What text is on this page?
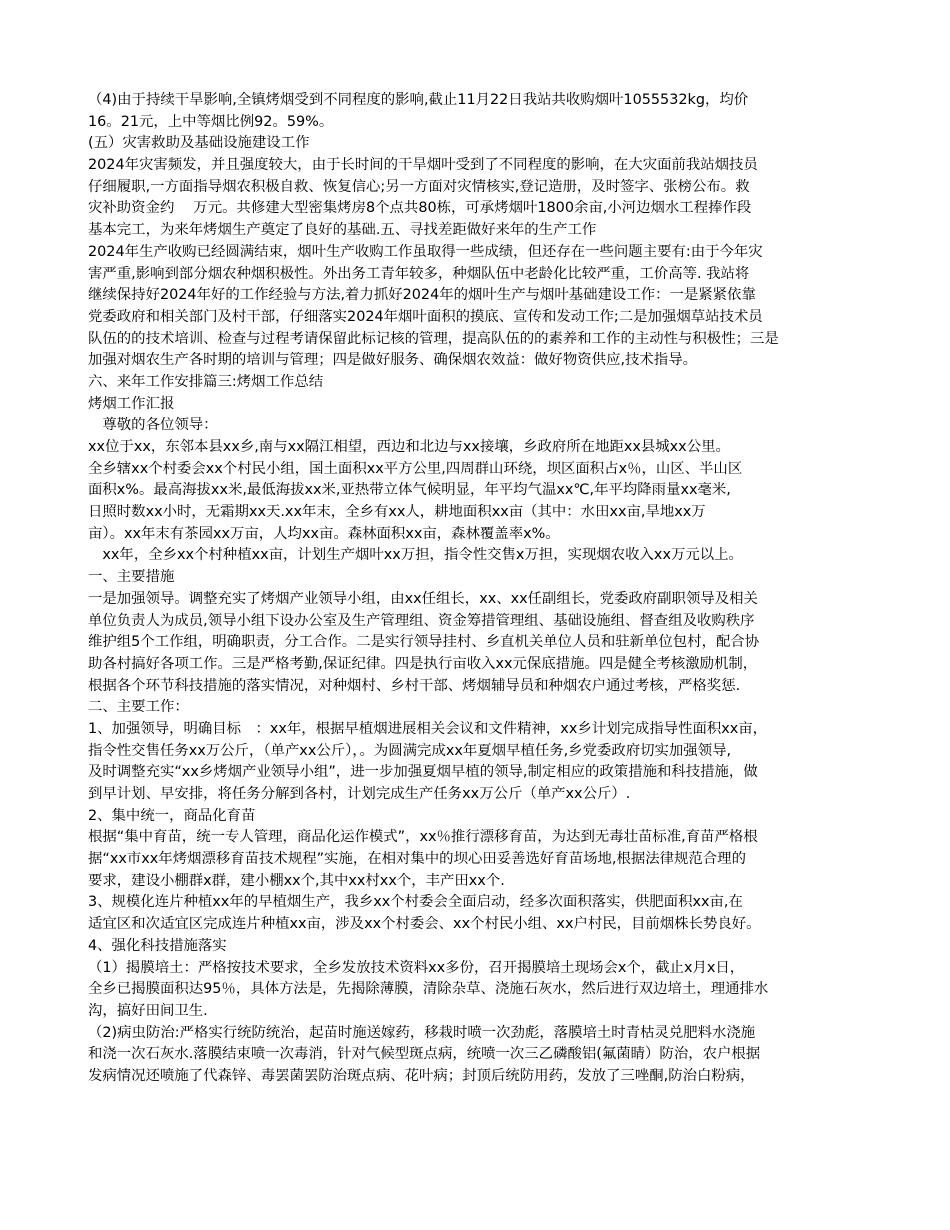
（4)由于持续干旱影响,全镇烤烟受到不同程度的影响,截止11月22日我站共收购烟叶1055532kg，均价
16。21元，上中等烟比例92。59%。
(五）灾害救助及基础设施建设工作
2024年灾害频发，并且强度较大，由于长时间的干旱烟叶受到了不同程度的影响，在大灾面前我站烟技员
仔细履职,一方面指导烟农积极自救、恢复信心;另一方面对灾情核实,登记造册，及时签字、张榜公布。救
灾补助资金约　 万元。共修建大型密集烤房8个点共80栋，可承烤烟叶1800余亩,小河边烟水工程捧作段
基本完工，为来年烤烟生产奠定了良好的基础.五、寻找差距做好来年的生产工作
2024年生产收购已经圆满结束，烟叶生产收购工作虽取得一些成绩，但还存在一些问题主要有:由于今年灾
害严重,影响到部分烟农种烟积极性。外出务工青年较多，种烟队伍中老龄化比较严重，工价高等. 我站将
继续保持好2024年好的工作经验与方法,着力抓好2024年的烟叶生产与烟叶基础建设工作：一是紧紧依靠
党委政府和相关部门及村干部，仔细落实2024年烟叶面积的摸底、宣传和发动工作;二是加强烟草站技术员
队伍的的技术培训、检查与过程考请保留此标记核的管理，提高队伍的的素养和工作的主动性与积极性；三是
加强对烟农生产各时期的培训与管理；四是做好服务、确保烟农效益：做好物资供应,技术指导。
六、来年工作安排篇三:烤烟工作总结
烤烟工作汇报
　尊敬的各位领导：
xx位于xx，东邻本县xx乡,南与xx隔江相望，西边和北边与xx接壤，乡政府所在地距xx县城xx公里。
全乡辖xx个村委会xx个村民小组，国土面积xx平方公里,四周群山环绕，坝区面积占x％，山区、半山区
面积x%。最高海拔xx米,最低海拔xx米,亚热带立体气候明显，年平均气温xx℃,年平均降雨量xx毫米,
日照时数xx小时，无霜期xx天.xx年末，全乡有xx人，耕地面积xx亩（其中：水田xx亩,旱地xx万
亩）。xx年末有茶园xx万亩，人均xx亩。森林面积xx亩，森林覆盖率x%。
　xx年，全乡xx个村种植xx亩，计划生产烟叶xx万担，指令性交售x万担，实现烟农收入xx万元以上。
一、主要措施
一是加强领导。调整充实了烤烟产业领导小组，由xx任组长，xx、xx任副组长，党委政府副职领导及相关
单位负责人为成员,领导小组下设办公室及生产管理组、资金筹措管理组、基础设施组、督查组及收购秩序
维护组5个工作组，明确职责，分工合作。二是实行领导挂村、乡直机关单位人员和驻新单位包村，配合协
助各村搞好各项工作。三是严格考勤,保证纪律。四是执行亩收入xx元保底措施。四是健全考核激励机制，
根据各个环节科技措施的落实情况，对种烟村、乡村干部、烤烟辅导员和种烟农户通过考核，严格奖惩.
二、主要工作：
1、加强领导，明确目标　：xx年，根据早植烟进展相关会议和文件精神，xx乡计划完成指导性面积xx亩，
指令性交售任务xx万公斤，（单产xx公斤），。为圆满完成xx年夏烟早植任务,乡党委政府切实加强领导,
及时调整充实“xx乡烤烟产业领导小组”，进一步加强夏烟早植的领导,制定相应的政策措施和科技措施，做
到早计划、早安排，将任务分解到各村，计划完成生产任务xx万公斤（单产xx公斤）.
2、集中统一，商品化育苗
根据“集中育苗，统一专人管理，商品化运作模式”，xx％推行漂移育苗，为达到无毒壮苗标准,育苗严格根
据“xx市xx年烤烟漂移育苗技术规程”实施，在相对集中的坝心田妥善选好育苗场地,根据法律规范合理的
要求，建设小棚群x群，建小棚xx个,其中xx村xx个，丰产田xx个.
3、规模化连片种植xx年的早植烟生产，我乡xx个村委会全面启动，经多次面积落实，供肥面积xx亩,在
适宜区和次适宜区完成连片种植xx亩，涉及xx个村委会、xx个村民小组、xx户村民，目前烟株长势良好。
4、强化科技措施落实
（1）揭膜培土：严格按技术要求，全乡发放技术资料xx多份，召开揭膜培土现场会x个，截止x月x日，
全乡已揭膜面积达95％，具体方法是，先揭除薄膜，清除杂草、浇施石灰水，然后进行双边培土，理通排水
沟，搞好田间卫生.
（2)病虫防治:严格实行统防统治，起苗时施送嫁药，移栽时喷一次劲彪，落膜培土时青枯灵兑肥料水浇施
和浇一次石灰水.落膜结束喷一次毒消，针对气候型斑点病，统喷一次三乙磷酸铝(氟菌睛）防治，农户根据
发病情况还喷施了代森锌、毒罢菌罢防治斑点病、花叶病；封顶后统防用药，发放了三唑酮,防治白粉病，
